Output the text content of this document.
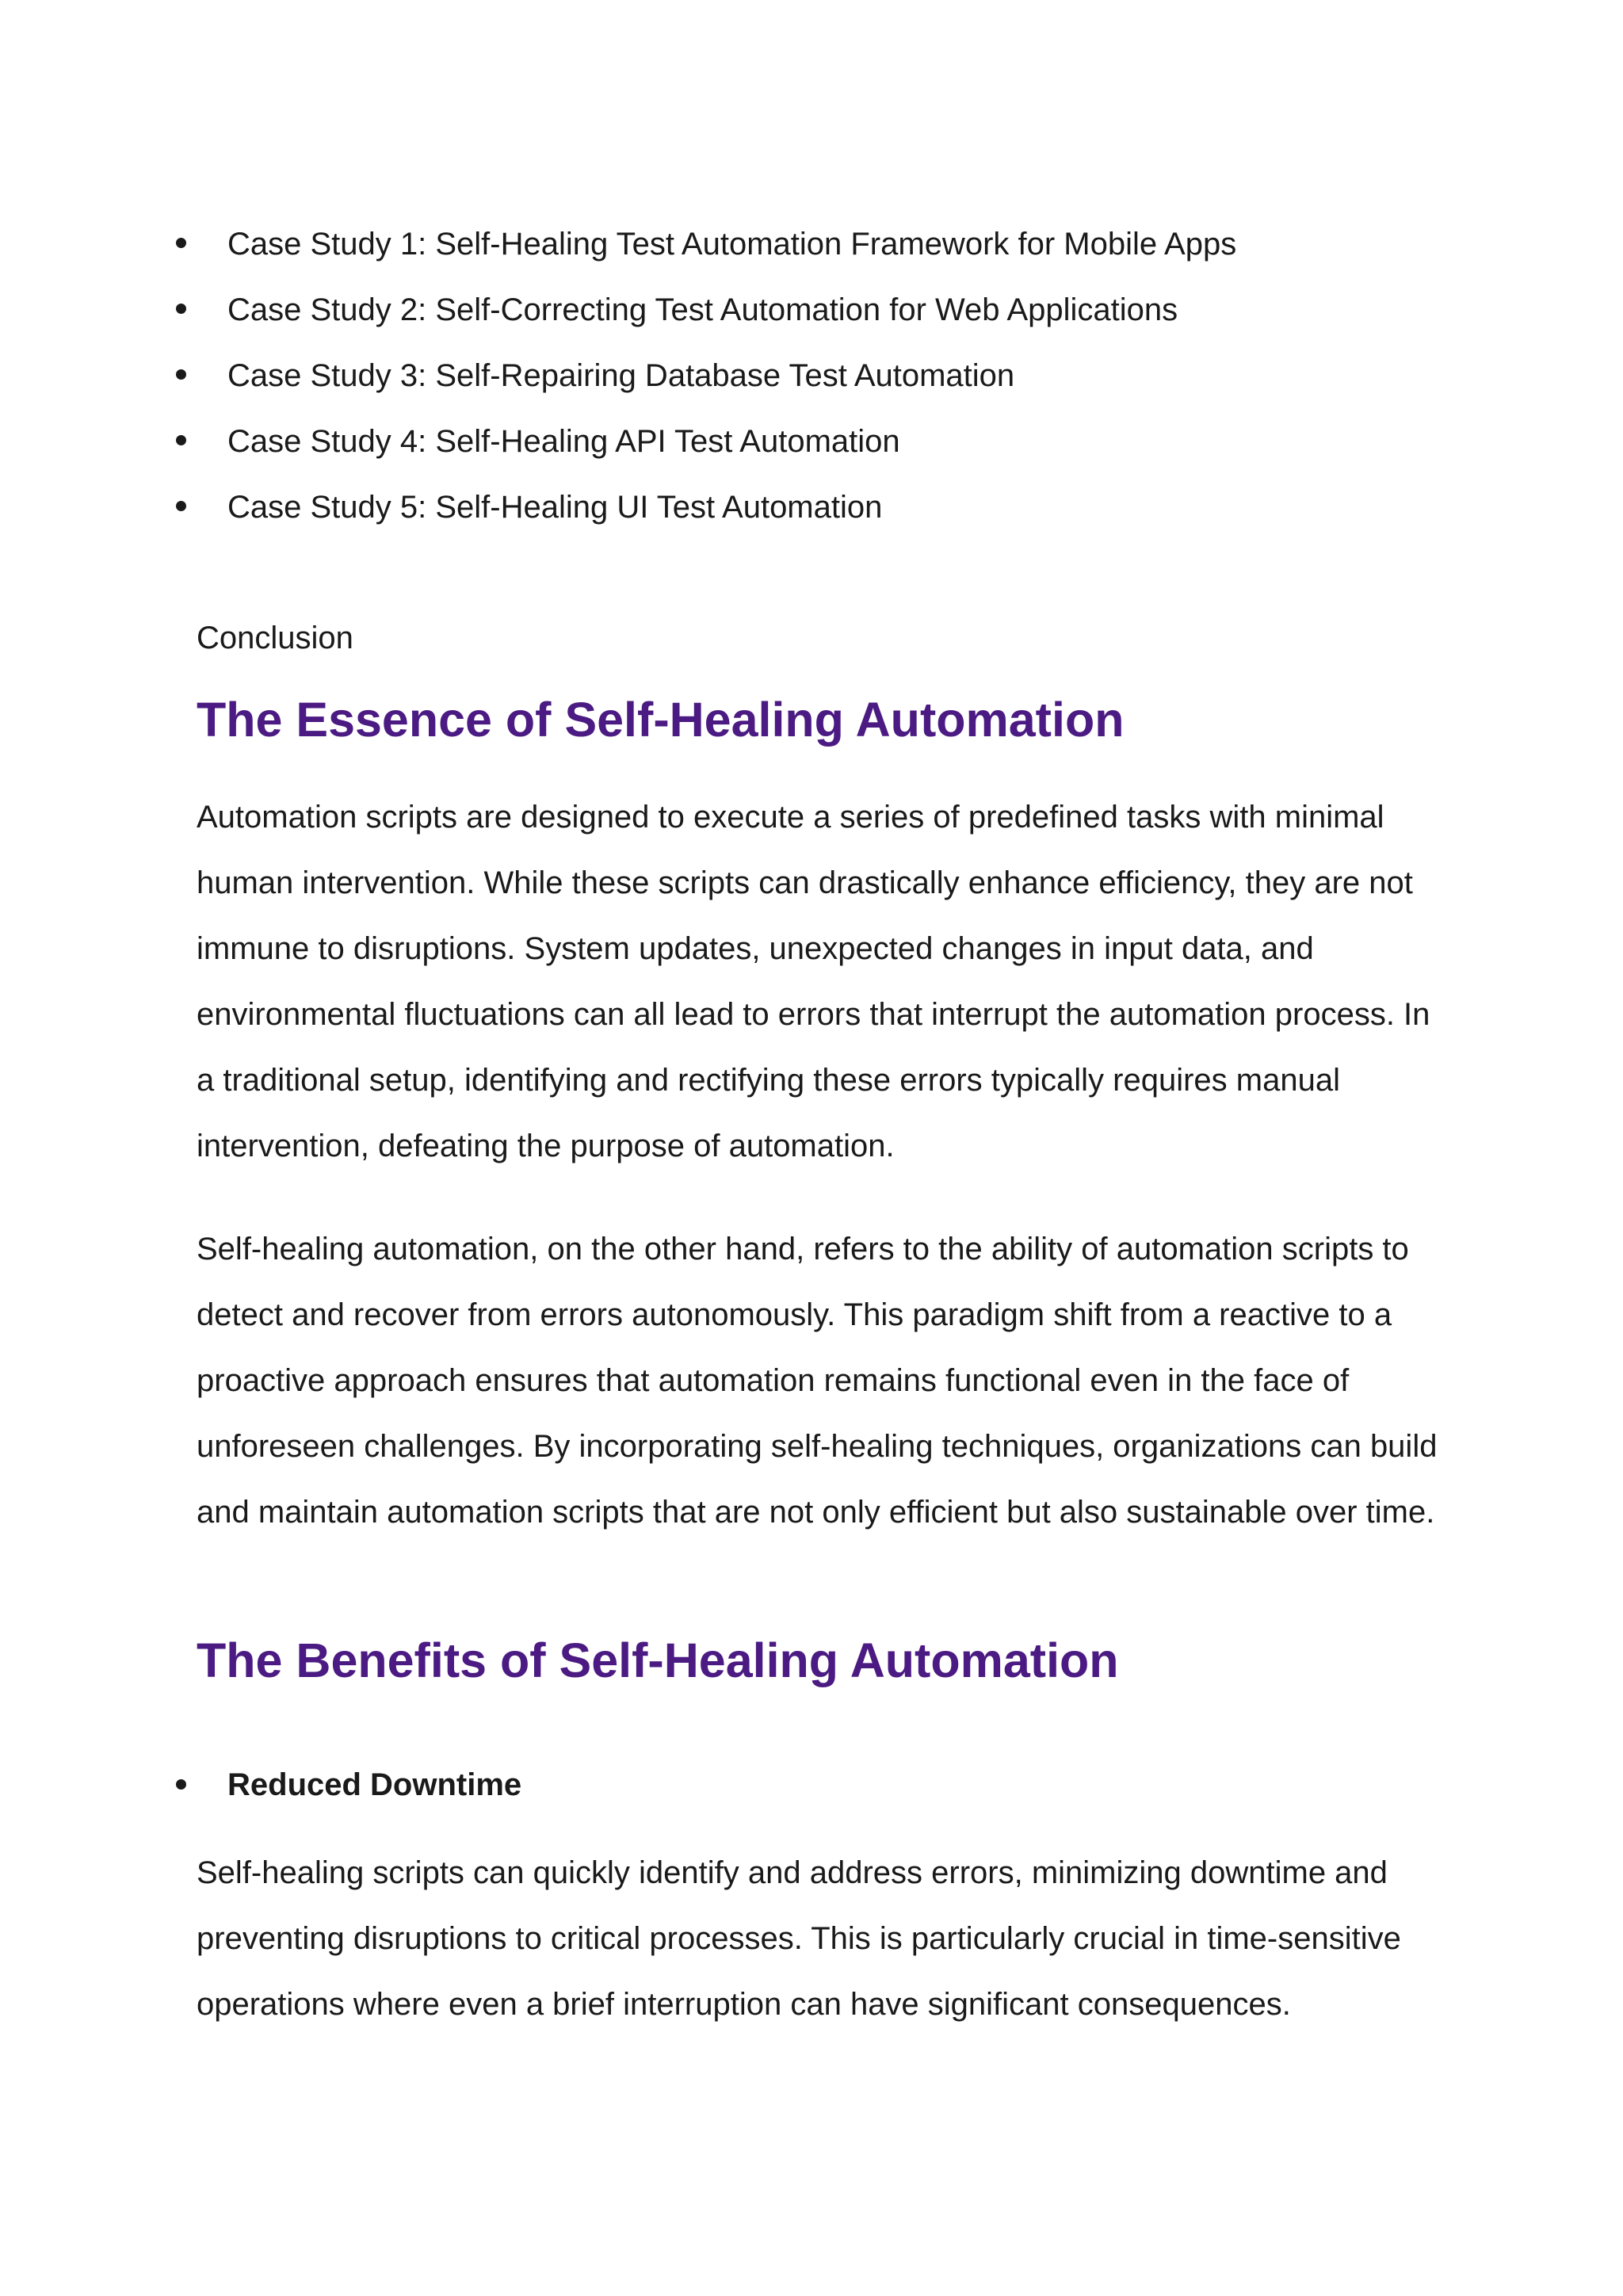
Case Study 1: Self-Healing Test Automation Framework for Mobile Apps
Case Study 2: Self-Correcting Test Automation for Web Applications
Case Study 3: Self-Repairing Database Test Automation
Case Study 4: Self-Healing API Test Automation
Case Study 5: Self-Healing UI Test Automation
Conclusion
The Essence of Self-Healing Automation

Automation scripts are designed to execute a series of predefined tasks with minimal human intervention. While these scripts can drastically enhance efficiency, they are not immune to disruptions. System updates, unexpected changes in input data, and environmental fluctuations can all lead to errors that interrupt the automation process. In a traditional setup, identifying and rectifying these errors typically requires manual intervention, defeating the purpose of automation.

Self-healing automation, on the other hand, refers to the ability of automation scripts to detect and recover from errors autonomously. This paradigm shift from a reactive to a proactive approach ensures that automation remains functional even in the face of unforeseen challenges. By incorporating self-healing techniques, organizations can build and maintain automation scripts that are not only efficient but also sustainable over time.

The Benefits of Self-Healing Automation
Reduced Downtime

Self-healing scripts can quickly identify and address errors, minimizing downtime and preventing disruptions to critical processes. This is particularly crucial in time-sensitive operations where even a brief interruption can have significant consequences.
